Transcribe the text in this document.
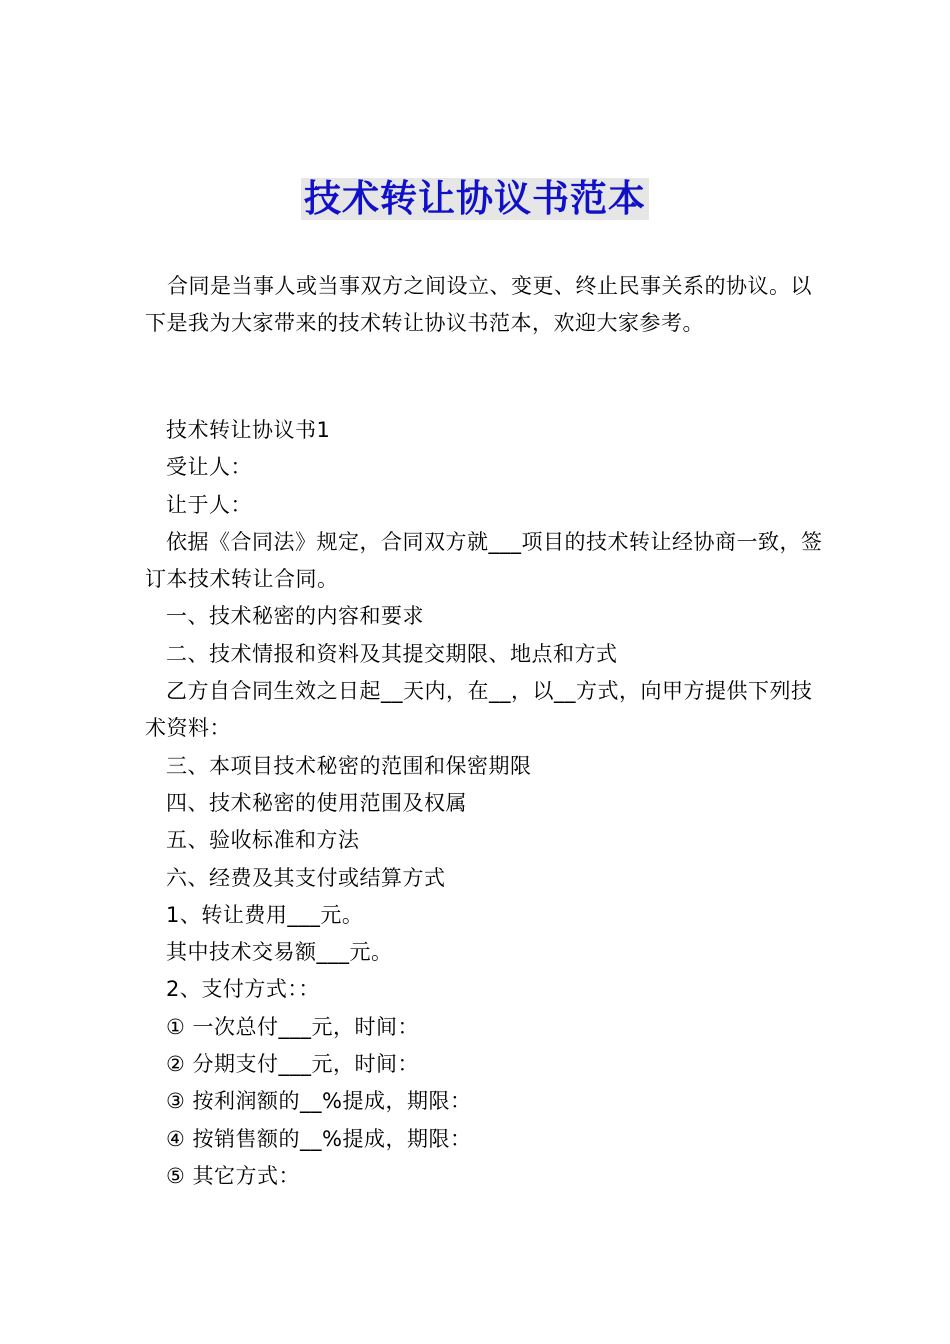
技术转让协议书范本
合同是当事人或当事双方之间设立、变更、终止民事关系的协议。以下是我为大家带来的技术转让协议书范本，欢迎大家参考。

技术转让协议书1

受让人：

让于人：

依据《合同法》规定，合同双方就___项目的技术转让经协商一致，签订本技术转让合同。

一、技术秘密的内容和要求

二、技术情报和资料及其提交期限、地点和方式

乙方自合同生效之日起__天内，在__，以__方式，向甲方提供下列技术资料：

三、本项目技术秘密的范围和保密期限

四、技术秘密的使用范围及权属

五、验收标准和方法

六、经费及其支付或结算方式

1、转让费用___元。

其中技术交易额___元。

2、支付方式：：

① 一次总付___元，时间：

② 分期支付___元，时间：

③ 按利润额的__%提成，期限：

④ 按销售额的__%提成，期限：

⑤ 其它方式：
